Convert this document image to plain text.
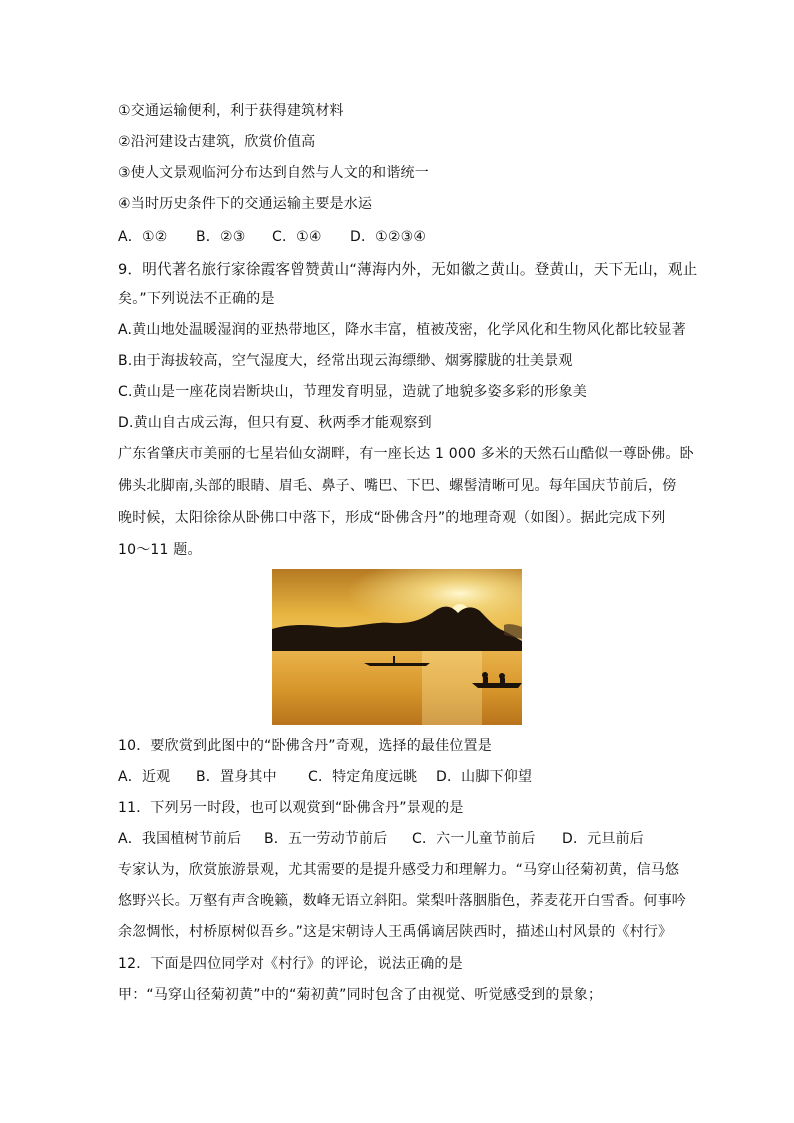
①交通运输便利，利于获得建筑材料
②沿河建设古建筑，欣赏价值高
③使人文景观临河分布达到自然与人文的和谐统一
④当时历史条件下的交通运输主要是水运
A．①② B．②③ C．①④ D．①②③④
9．明代著名旅行家徐霞客曾赞黄山“薄海内外，无如徽之黄山。登黄山，天下无山，观止
矣。”下列说法不正确的是
A.黄山地处温暖湿润的亚热带地区，降水丰富，植被茂密，化学风化和生物风化都比较显著
B.由于海拔较高，空气湿度大，经常出现云海缥缈、烟雾朦胧的壮美景观
C.黄山是一座花岗岩断块山，节理发育明显，造就了地貌多姿多彩的形象美
D.黄山自古成云海，但只有夏、秋两季才能观察到
广东省肇庆市美丽的七星岩仙女湖畔，有一座长达 1 000 多米的天然石山酷似一尊卧佛。卧
佛头北脚南,头部的眼睛、眉毛、鼻子、嘴巴、下巴、螺髻清晰可见。每年国庆节前后，傍
晚时候，太阳徐徐从卧佛口中落下，形成“卧佛含丹”的地理奇观（如图）。据此完成下列
10～11 题。
10．要欣赏到此图中的“卧佛含丹”奇观，选择的最佳位置是
A．近观 B．置身其中 C．特定角度远眺 D．山脚下仰望
11．下列另一时段，也可以观赏到“卧佛含丹”景观的是
A．我国植树节前后 B．五一劳动节前后 C．六一儿童节前后 D．元旦前后
专家认为，欣赏旅游景观，尤其需要的是提升感受力和理解力。“马穿山径菊初黄，信马悠
悠野兴长。万壑有声含晚籁，数峰无语立斜阳。棠梨叶落胭脂色，荞麦花开白雪香。何事吟
余忽惆怅，村桥原树似吾乡。”这是宋朝诗人王禹偁谪居陕西时，描述山村风景的《村行》
12．下面是四位同学对《村行》的评论，说法正确的是
甲：“马穿山径菊初黄”中的“菊初黄”同时包含了由视觉、听觉感受到的景象；
